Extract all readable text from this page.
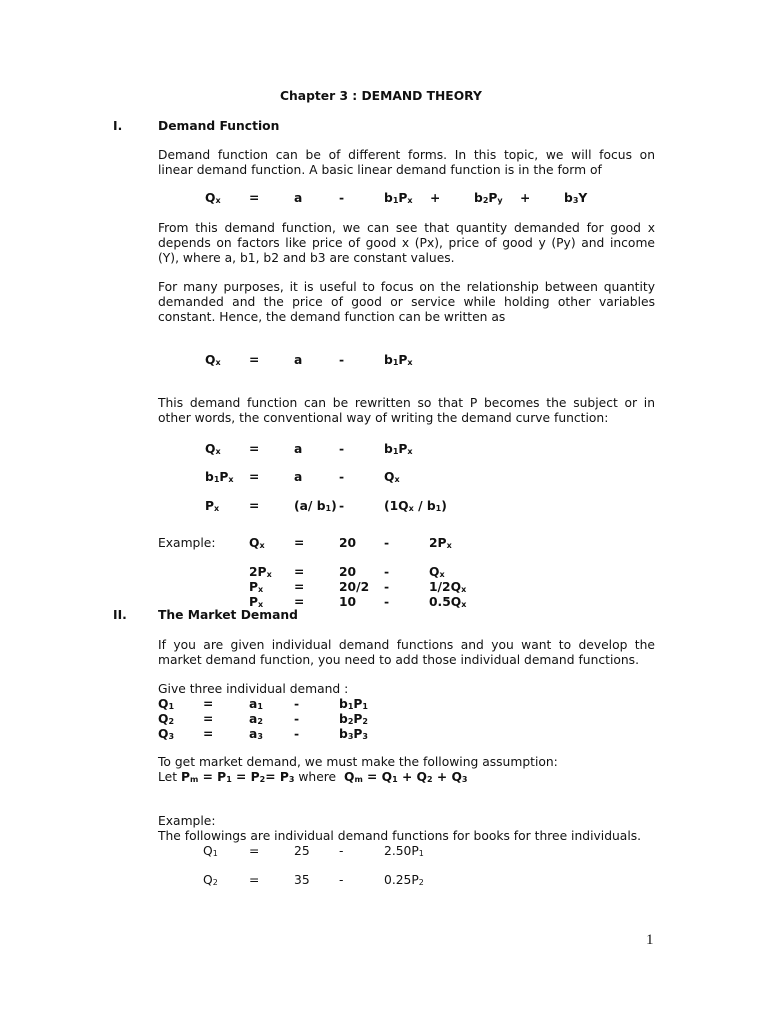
Chapter 3 : DEMAND THEORY
I.	Demand Function
Demand function can be of different forms. In this topic, we will focus on
linear demand function. A basic linear demand function is in the form of
$Q_x$ =	a	-	$b_1P_x$ +	$b_2P_y$ +	$b_3Y$
From this demand function, we can see that quantity demanded for good x
depends on factors like price of good x (Px), price of good y (Py) and income
(Y), where a, b1, b2 and b3 are constant values.
For many purposes, it is useful to focus on the relationship between quantity
demanded and the price of good or service while holding other variables
constant. Hence, the demand function can be written as
$Q_x$ =	a	-	$b_1P_x$
This demand function can be rewritten so that P becomes the subject or in
other words, the conventional way of writing the demand curve function:
$Q_x$ =	a	-	$b_1P_x$
$b_1P_x$ =	a	-	$Q_x$
$P_x$ =	(a/ $b_1$) -	$(1Q_x / b_1)$
Example:	$Q_x$ =	20 -	$2P_x$
$2P_x$ =	20 -	$Q_x$
$P_x$	=	20/2 -	$1/2Q_x$
$P_x$	=	10 -	$0.5Q_x$
II.	The Market Demand
If you are given individual demand functions and you want to develop the
market demand function, you need to add those individual demand functions.
Give three individual demand :
$Q_1$ =	$a_1$	-	$b_1P_1$
$Q_2$ =	$a_2$	-	$b_2P_2$
$Q_3$ =	$a_3$	-	$b_3P_3$
To get market demand, we must make the following assumption:
Let $P_m = P_1 = P_2= P_3$ where $Q_m = Q_1 + Q_2 + Q_3$
Example:
The followings are individual demand functions for books for three individuals.
$Q_1$	=	25 -	$2.50P_1$
$Q_2$	=	35 -	$0.25P_2$
1
